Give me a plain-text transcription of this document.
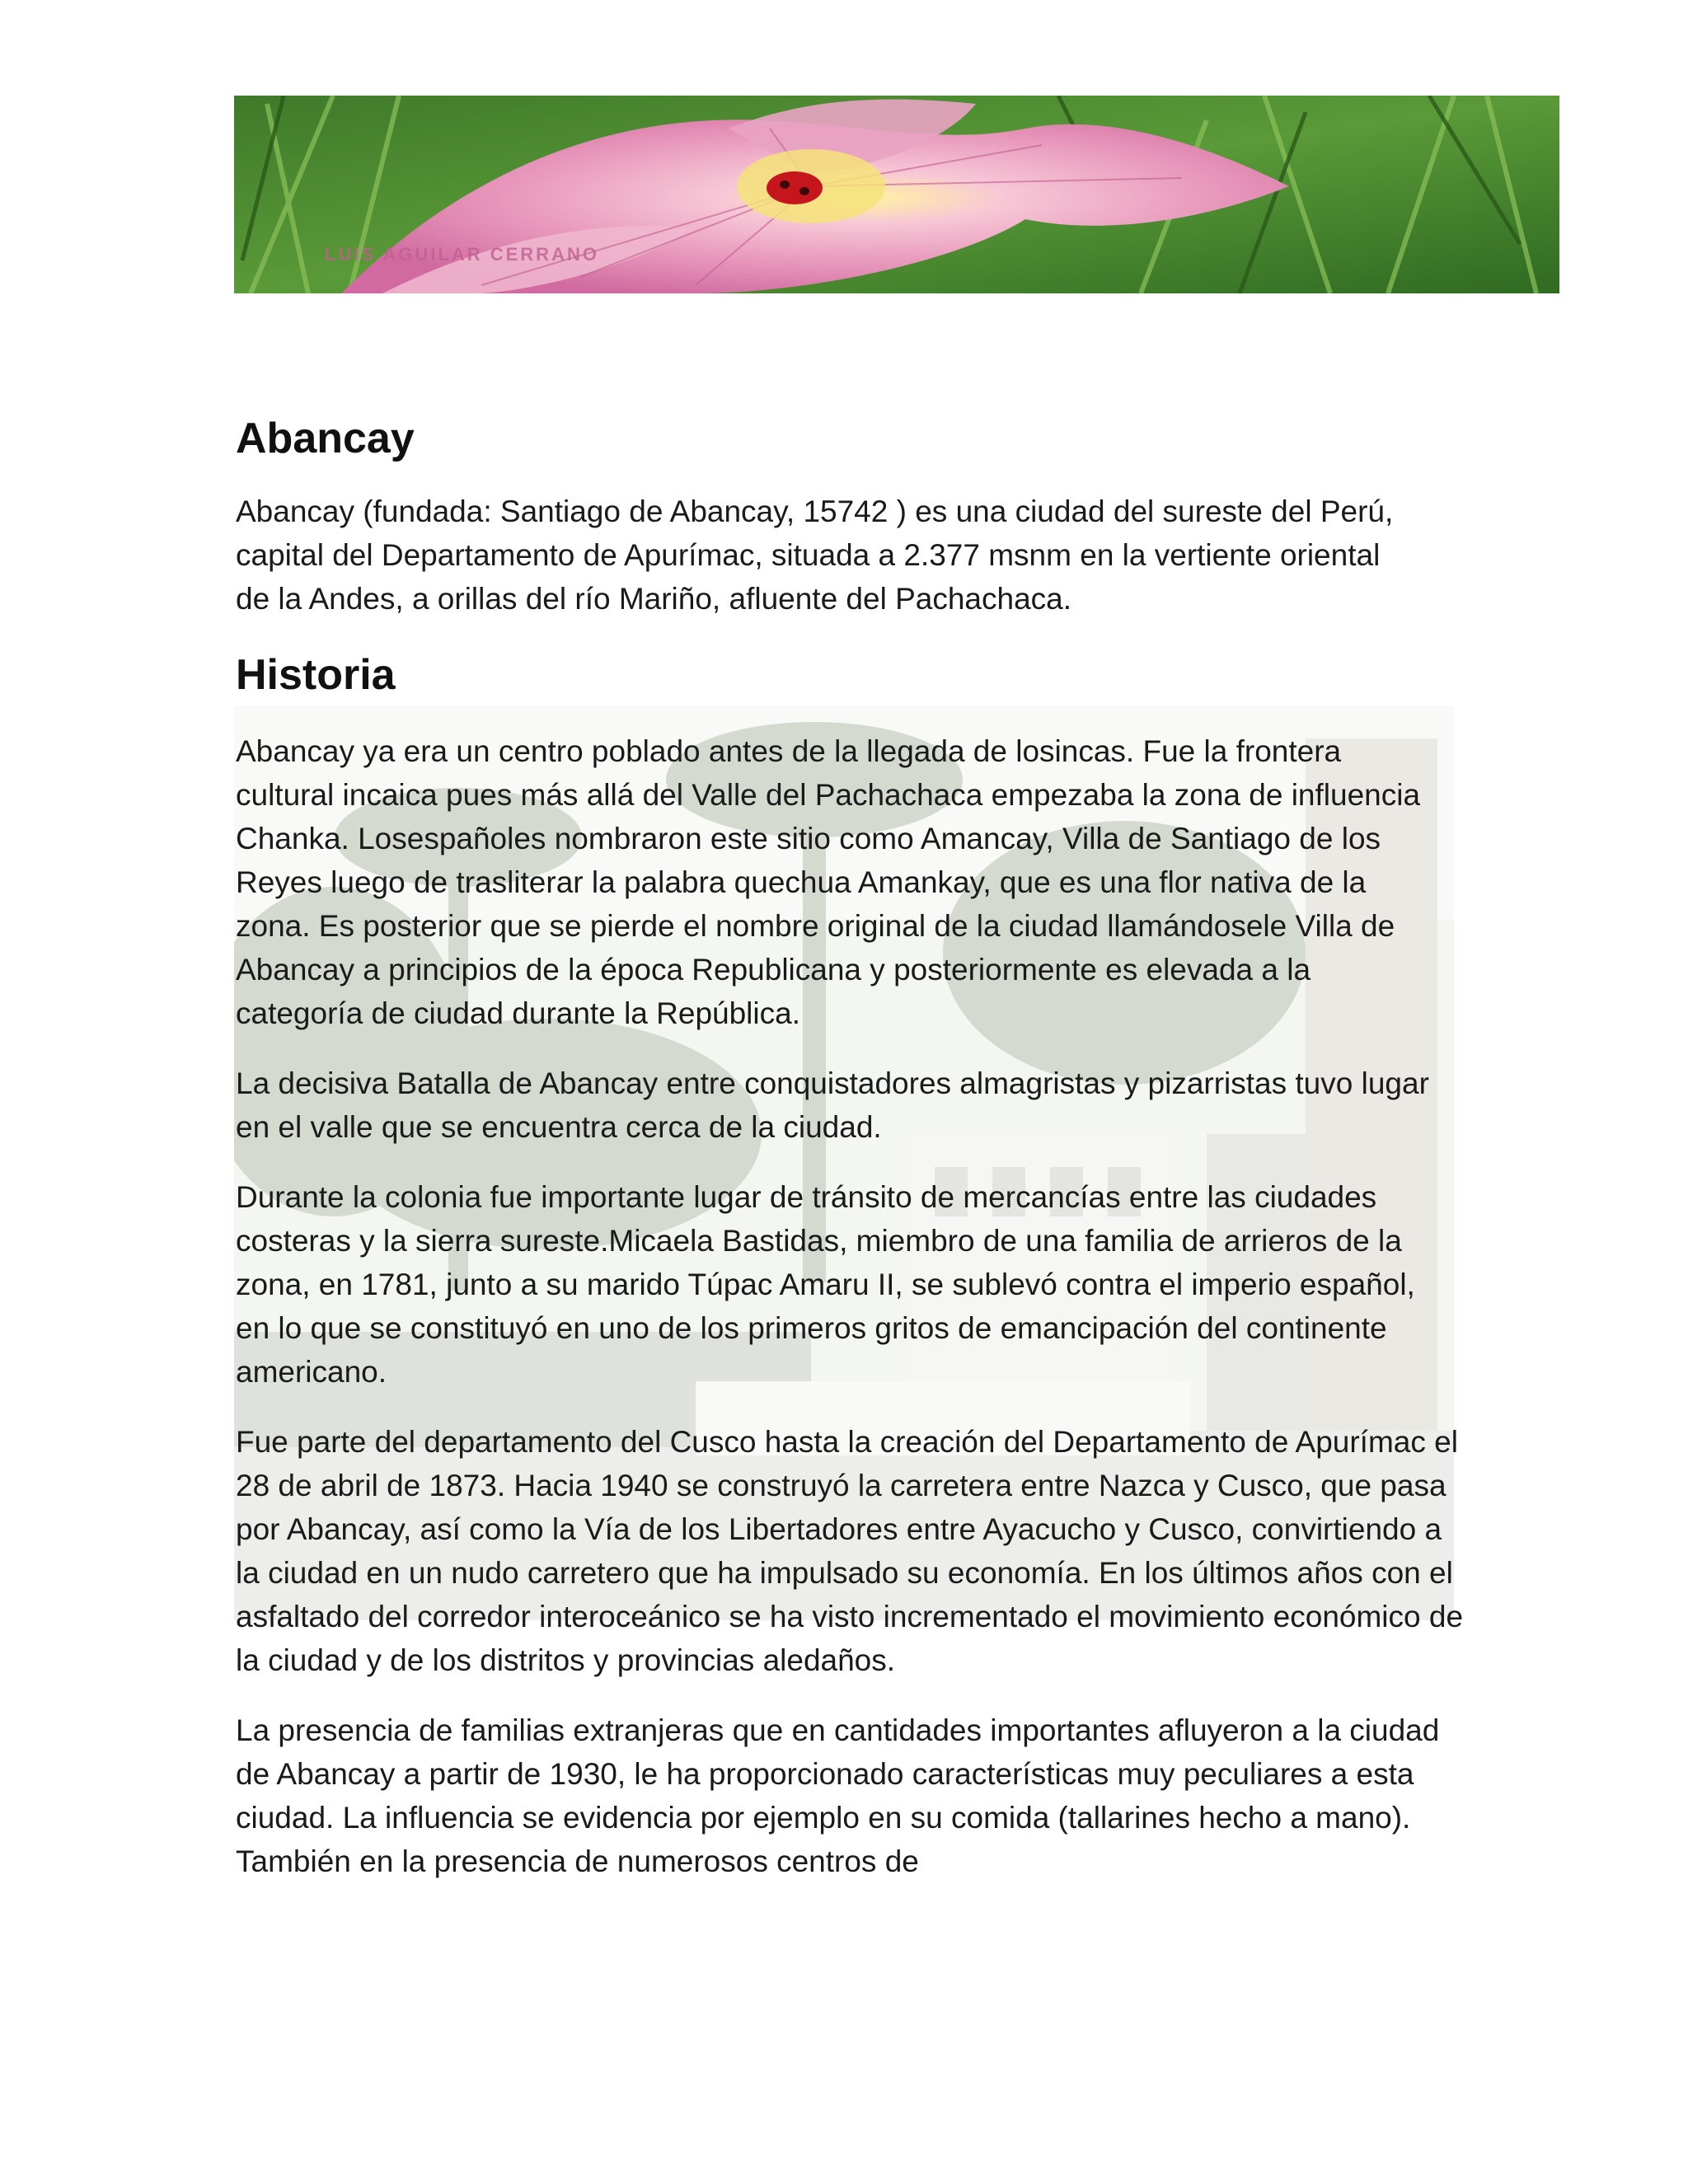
LUIS AGUILAR CERRANO
Abancay

Abancay (fundada: Santiago de Abancay, 15742 ) es una ciudad del sureste del Perú, capital del Departamento de Apurímac, situada a 2.377 msnm en la vertiente oriental de la Andes, a orillas del río Mariño, afluente del Pachachaca.

Historia

Abancay ya era un centro poblado antes de la llegada de losincas. Fue la frontera cultural incaica pues más allá del Valle del Pachachaca empezaba la zona de influencia Chanka. Losespañoles nombraron este sitio como Amancay, Villa de Santiago de los Reyes luego de trasliterar la palabra quechua Amankay, que es una flor nativa de la zona. Es posterior que se pierde el nombre original de la ciudad llamándosele Villa de Abancay a principios de la época Republicana y posteriormente es elevada a la categoría de ciudad durante la República.

La decisiva Batalla de Abancay entre conquistadores almagristas y pizarristas tuvo lugar en el valle que se encuentra cerca de la ciudad.

Durante la colonia fue importante lugar de tránsito de mercancías entre las ciudades costeras y la sierra sureste.Micaela Bastidas, miembro de una familia de arrieros de la zona, en 1781, junto a su marido Túpac Amaru II, se sublevó contra el imperio español, en lo que se constituyó en uno de los primeros gritos de emancipación del continente americano.

Fue parte del departamento del Cusco hasta la creación del Departamento de Apurímac el 28 de abril de 1873. Hacia 1940 se construyó la carretera entre Nazca y Cusco, que pasa por Abancay, así como la Vía de los Libertadores entre Ayacucho y Cusco, convirtiendo a la ciudad en un nudo carretero que ha impulsado su economía. En los últimos años con el asfaltado del corredor interoceánico se ha visto incrementado el movimiento económico de la ciudad y de los distritos y provincias aledaños.

La presencia de familias extranjeras que en cantidades importantes afluyeron a la ciudad de Abancay a partir de 1930, le ha proporcionado características muy peculiares a esta ciudad. La influencia se evidencia por ejemplo en su comida (tallarines hecho a mano). También en la presencia de numerosos centros de
